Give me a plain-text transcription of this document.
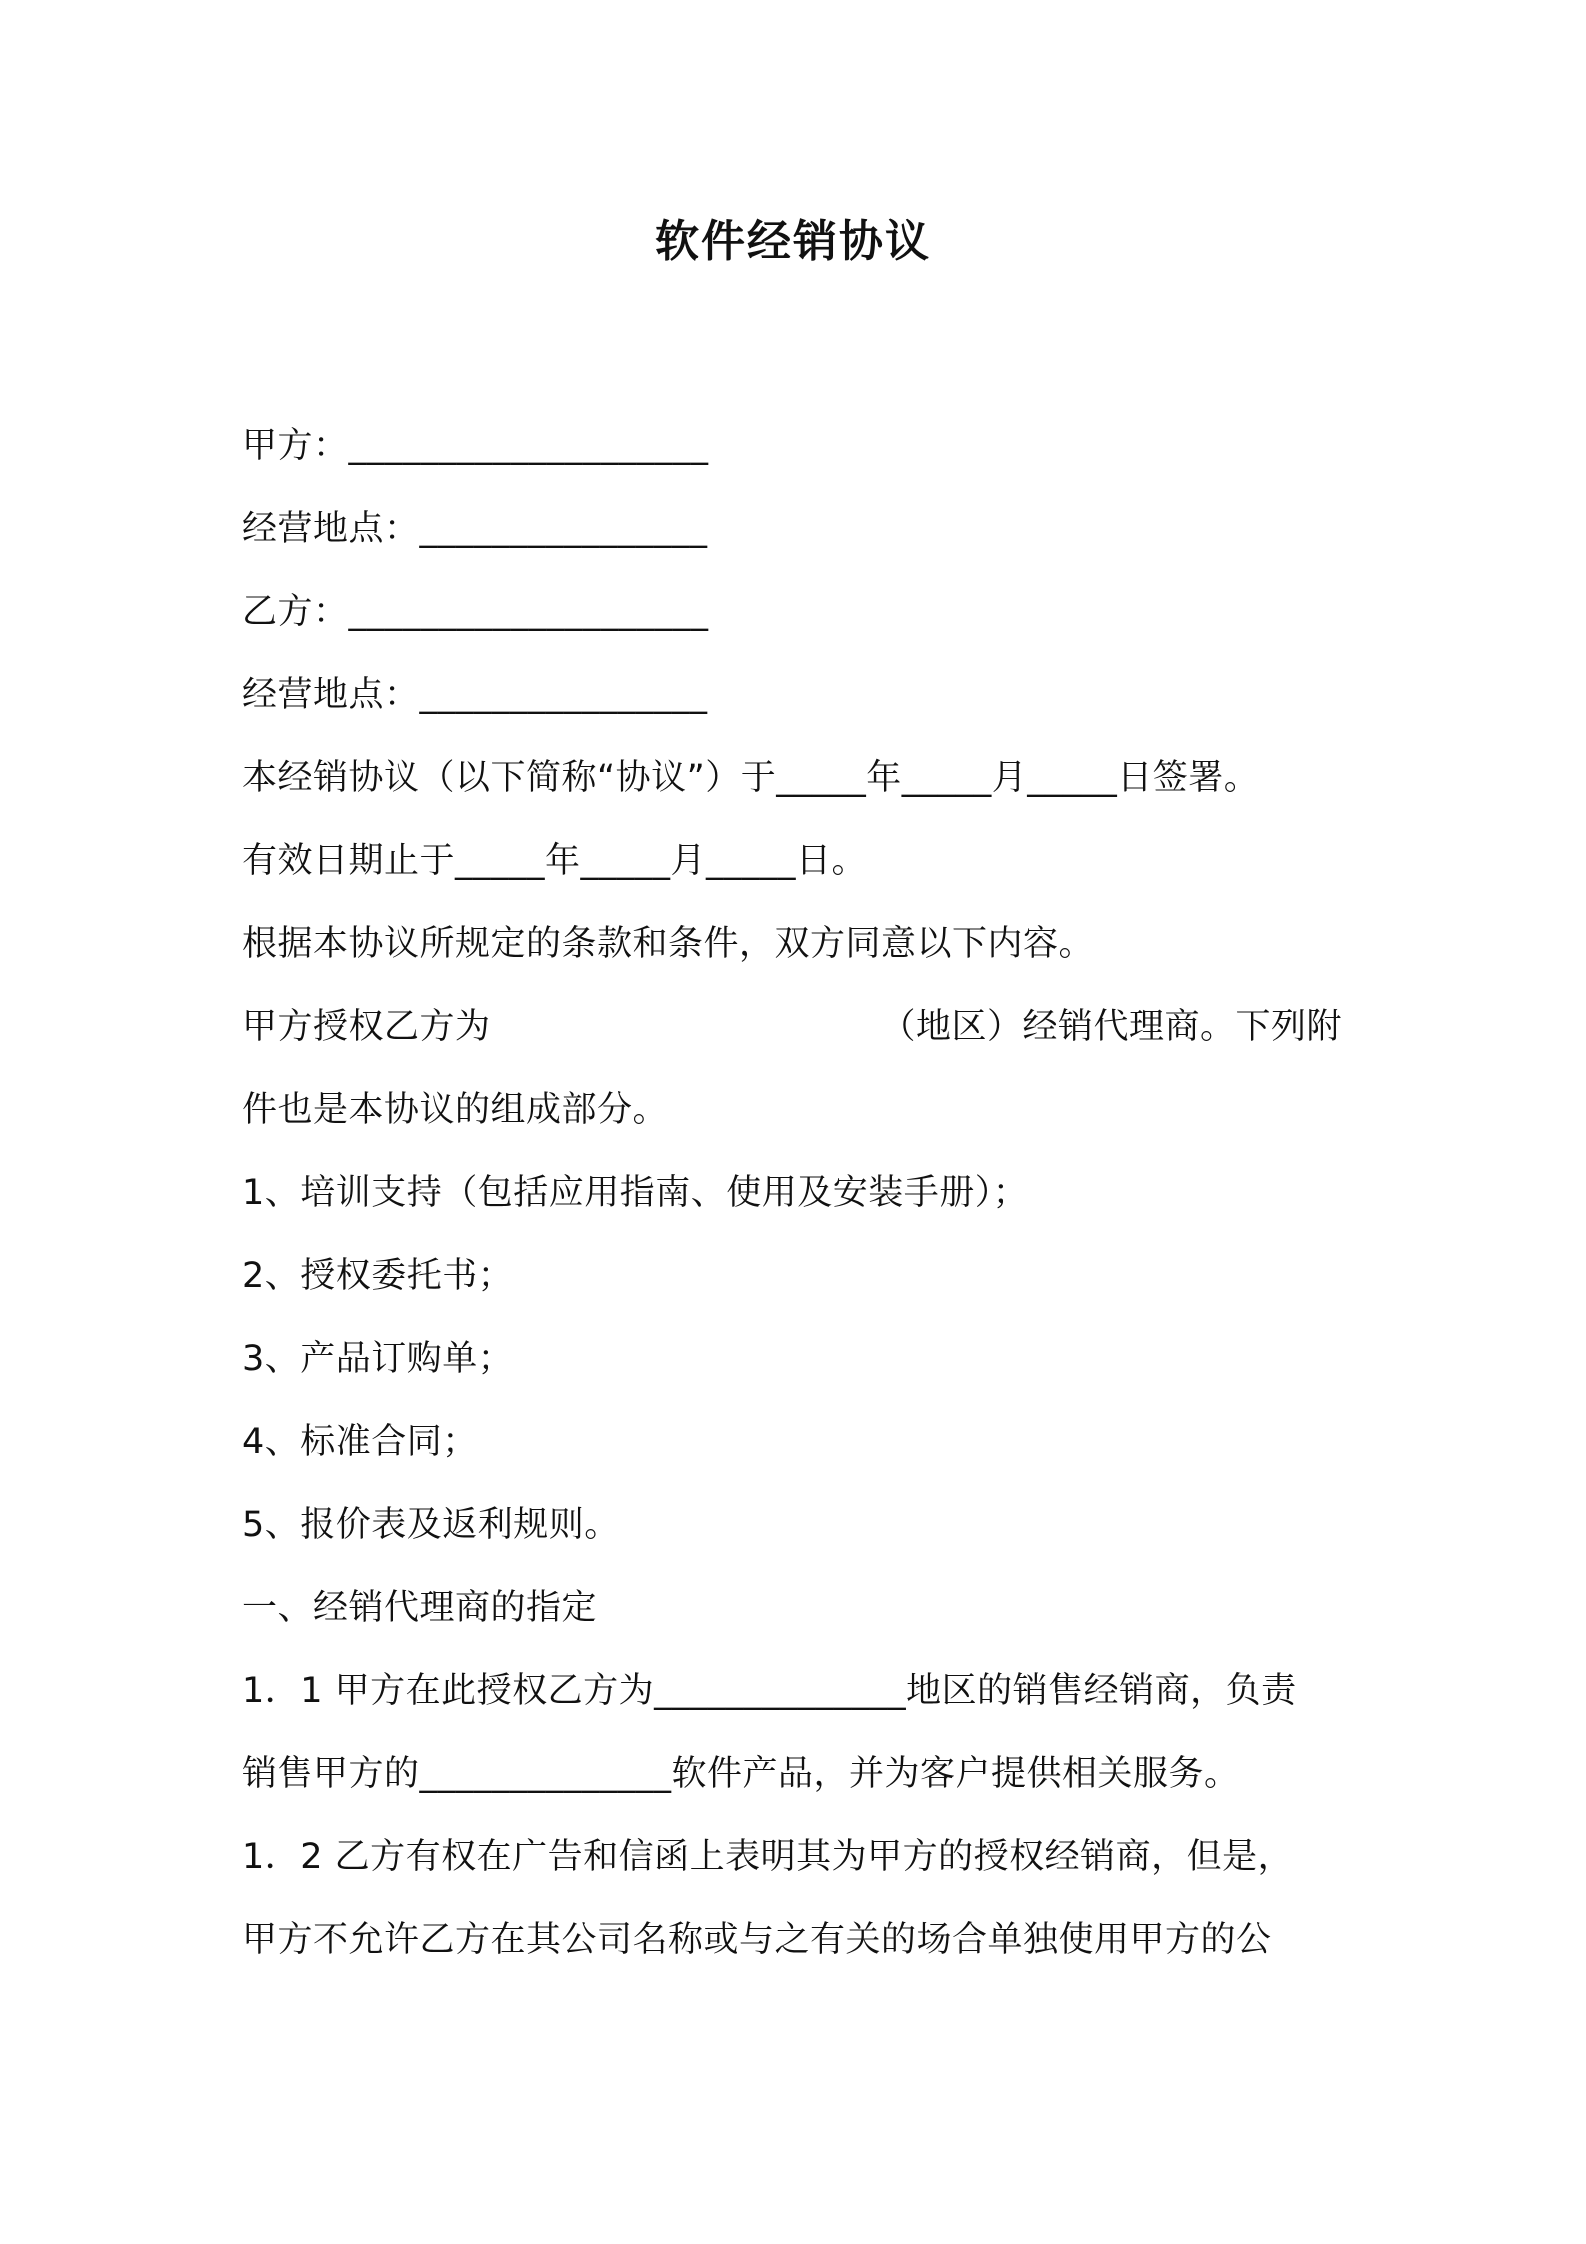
软件经销协议
甲方：____________________
经营地点：________________
乙方：____________________
经营地点：________________
本经销协议（以下简称“协议”）于_____年_____月_____日签署。
有效日期止于_____年_____月_____日。
根据本协议所规定的条款和条件，双方同意以下内容。
甲方授权乙方为	（地区）经销代理商。下列附
件也是本协议的组成部分。
1、培训支持（包括应用指南、使用及安装手册）；
2、授权委托书；
3、产品订购单；
4、标准合同；
5、报价表及返利规则。
一、经销代理商的指定
1．1 甲方在此授权乙方为______________地区的销售经销商，负责
销售甲方的______________软件产品，并为客户提供相关服务。
1．2 乙方有权在广告和信函上表明其为甲方的授权经销商，但是，
甲方不允许乙方在其公司名称或与之有关的场合单独使用甲方的公
